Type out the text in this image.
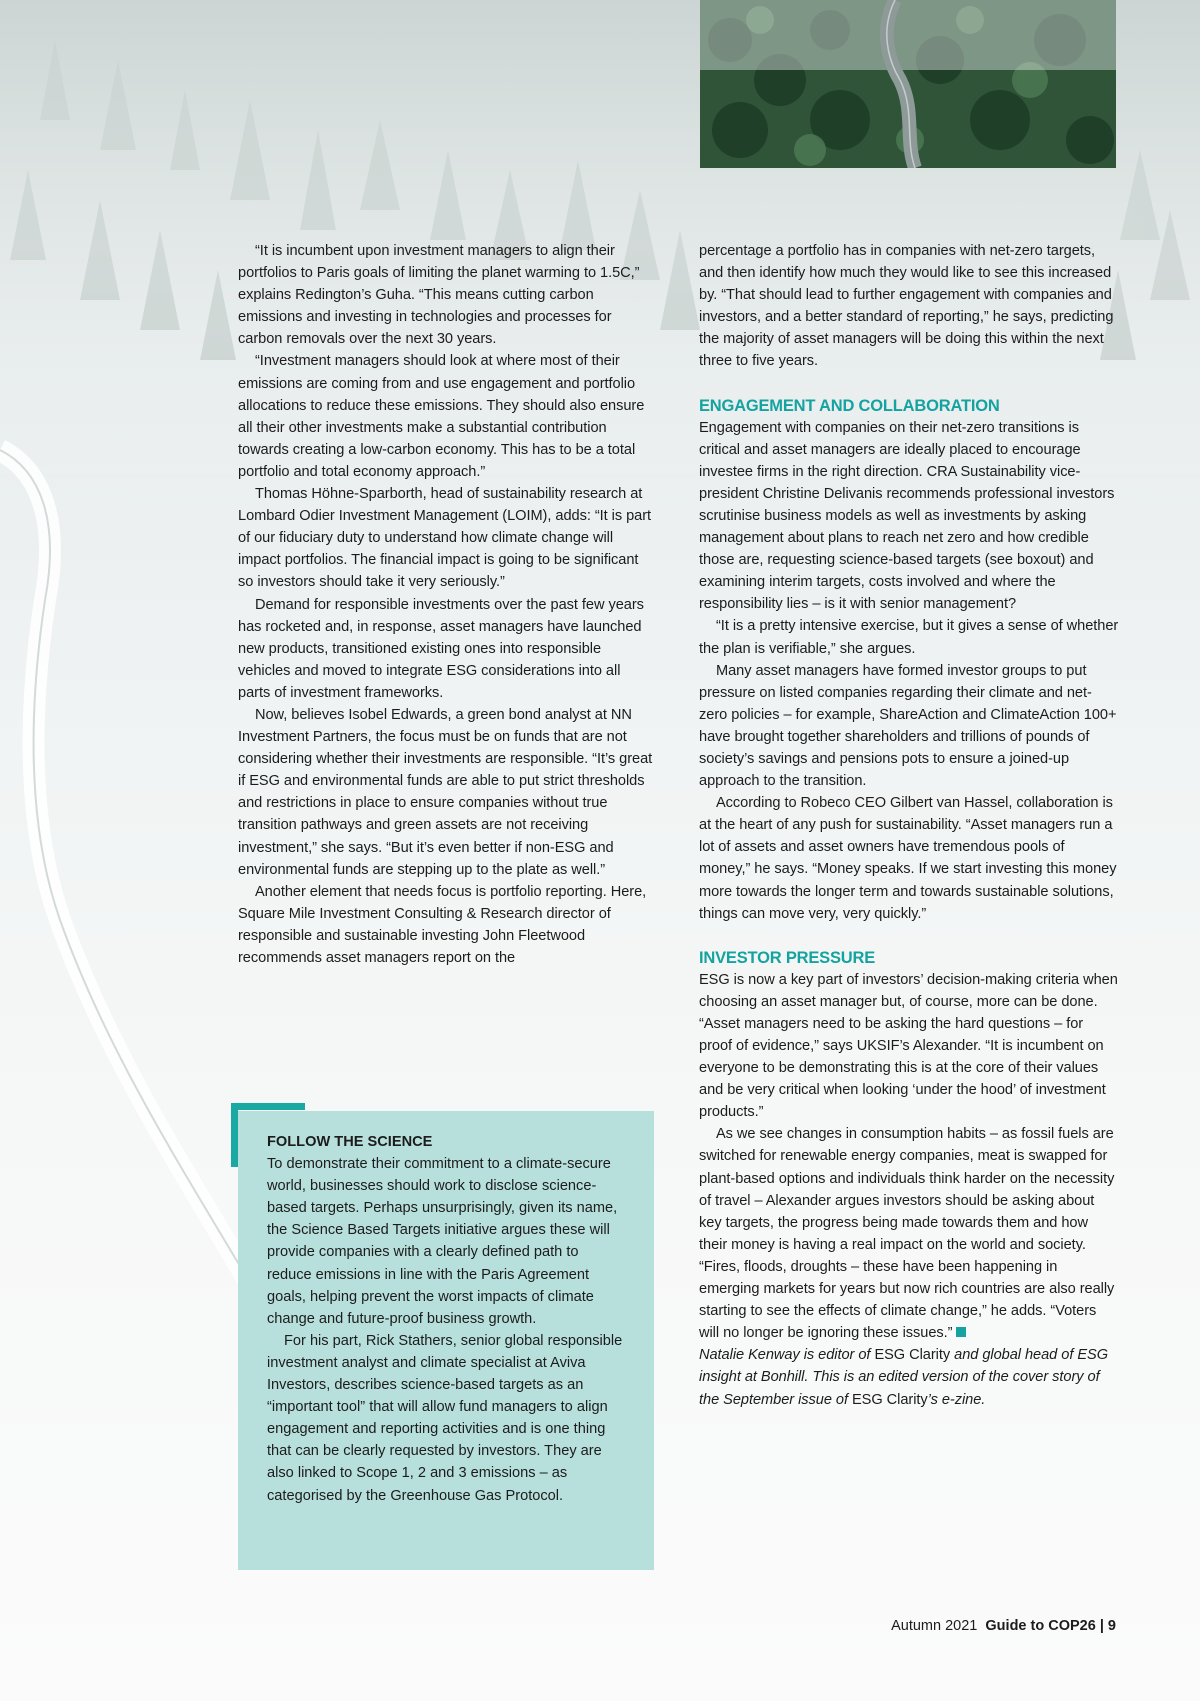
“It is incumbent upon investment managers to align their portfolios to Paris goals of limiting the planet warming to 1.5C,” explains Redington’s Guha. “This means cutting carbon emissions and investing in technologies and processes for carbon removals over the next 30 years.

“Investment managers should look at where most of their emissions are coming from and use engagement and portfolio allocations to reduce these emissions. They should also ensure all their other investments make a substantial contribution towards creating a low-carbon economy. This has to be a total portfolio and total economy approach.”

Thomas Höhne-Sparborth, head of sustainability research at Lombard Odier Investment Management (LOIM), adds: “It is part of our fiduciary duty to understand how climate change will impact portfolios. The financial impact is going to be significant so investors should take it very seriously.”

Demand for responsible investments over the past few years has rocketed and, in response, asset managers have launched new products, transitioned existing ones into responsible vehicles and moved to integrate ESG considerations into all parts of investment frameworks.

Now, believes Isobel Edwards, a green bond analyst at NN Investment Partners, the focus must be on funds that are not considering whether their investments are responsible. “It’s great if ESG and environmental funds are able to put strict thresholds and restrictions in place to ensure companies without true transition pathways and green assets are not receiving investment,” she says. “But it’s even better if non-ESG and environmental funds are stepping up to the plate as well.”

Another element that needs focus is portfolio reporting. Here, Square Mile Investment Consulting & Research director of responsible and sustainable investing John Fleetwood recommends asset managers report on the

FOLLOW THE SCIENCE

To demonstrate their commitment to a climate-secure world, businesses should work to disclose science-based targets. Perhaps unsurprisingly, given its name, the Science Based Targets initiative argues these will provide companies with a clearly defined path to reduce emissions in line with the Paris Agreement goals, helping prevent the worst impacts of climate change and future-proof business growth.

For his part, Rick Stathers, senior global responsible investment analyst and climate specialist at Aviva Investors, describes science-based targets as an “important tool” that will allow fund managers to align engagement and reporting activities and is one thing that can be clearly requested by investors. They are also linked to Scope 1, 2 and 3 emissions – as categorised by the Greenhouse Gas Protocol.

percentage a portfolio has in companies with net-zero targets, and then identify how much they would like to see this increased by. “That should lead to further engagement with companies and investors, and a better standard of reporting,” he says, predicting the majority of asset managers will be doing this within the next three to five years.

ENGAGEMENT AND COLLABORATION

Engagement with companies on their net-zero transitions is critical and asset managers are ideally placed to encourage investee firms in the right direction. CRA Sustainability vice-president Christine Delivanis recommends professional investors scrutinise business models as well as investments by asking management about plans to reach net zero and how credible those are, requesting science-based targets (see boxout) and examining interim targets, costs involved and where the responsibility lies – is it with senior management?

“It is a pretty intensive exercise, but it gives a sense of whether the plan is verifiable,” she argues.

Many asset managers have formed investor groups to put pressure on listed companies regarding their climate and net-zero policies – for example, ShareAction and ClimateAction 100+ have brought together shareholders and trillions of pounds of society’s savings and pensions pots to ensure a joined-up approach to the transition.

According to Robeco CEO Gilbert van Hassel, collaboration is at the heart of any push for sustainability. “Asset managers run a lot of assets and asset owners have tremendous pools of money,” he says. “Money speaks. If we start investing this money more towards the longer term and towards sustainable solutions, things can move very, very quickly.”

INVESTOR PRESSURE

ESG is now a key part of investors’ decision-making criteria when choosing an asset manager but, of course, more can be done. “Asset managers need to be asking the hard questions – for proof of evidence,” says UKSIF’s Alexander. “It is incumbent on everyone to be demonstrating this is at the core of their values and be very critical when looking ‘under the hood’ of investment products.”

As we see changes in consumption habits – as fossil fuels are switched for renewable energy companies, meat is swapped for plant-based options and individuals think harder on the necessity of travel – Alexander argues investors should be asking about key targets, the progress being made towards them and how their money is having a real impact on the world and society. “Fires, floods, droughts – these have been happening in emerging markets for years but now rich countries are also really starting to see the effects of climate change,” he adds. “Voters will no longer be ignoring these issues.”

Natalie Kenway is editor of ESG Clarity and global head of ESG insight at Bonhill. This is an edited version of the cover story of the September issue of ESG Clarity’s e-zine.

Autumn 2021 Guide to COP26 | 9
